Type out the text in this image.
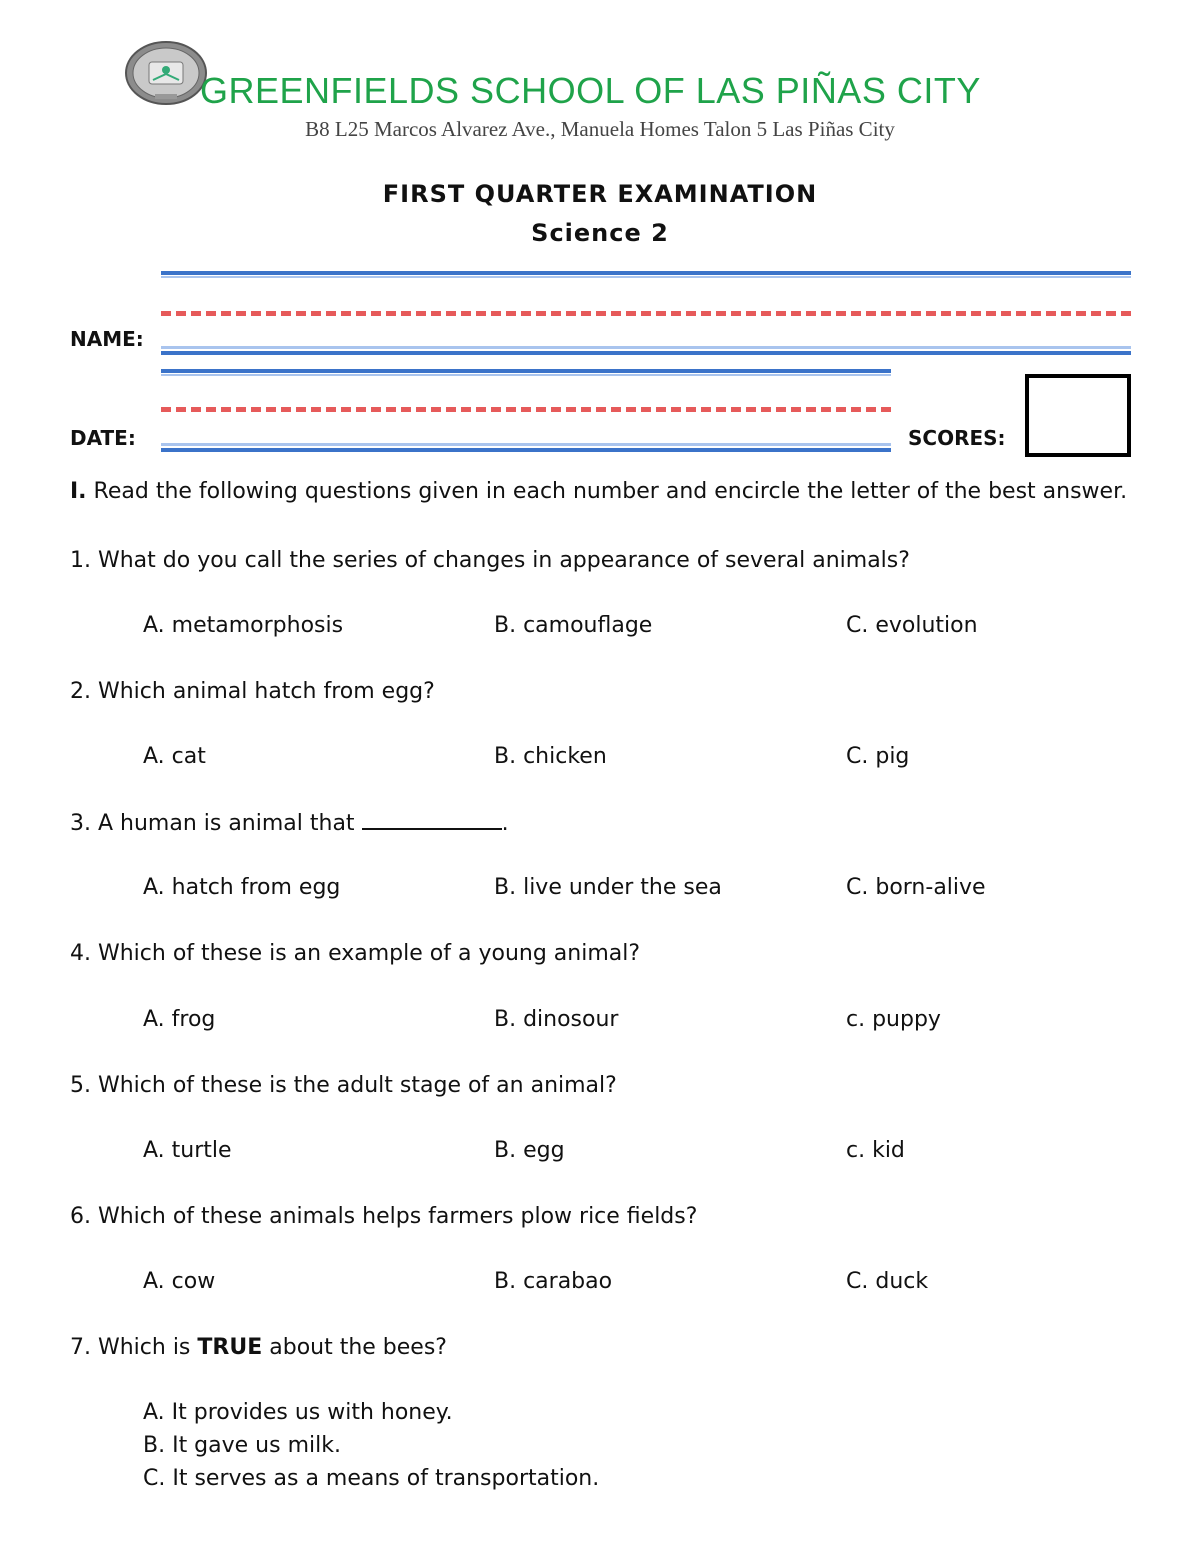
GREENFIELDS SCHOOL OF LAS PIÑAS CITY
B8 L25 Marcos Alvarez Ave., Manuela Homes Talon 5 Las Piñas City
FIRST QUARTER EXAMINATION
Science 2
NAME:
DATE:	SCORES:
I. Read the following questions given in each number and encircle the letter of the best answer.
1. What do you call the series of changes in appearance of several animals?
A. metamorphosis	B. camouflage	C. evolution
2. Which animal hatch from egg?
A. cat	B. chicken	C. pig
3. A human is animal that	.
A. hatch from egg	B. live under the sea	C. born-alive
4. Which of these is an example of a young animal?
A. frog	B. dinosour	c. puppy
5. Which of these is the adult stage of an animal?
A. turtle	B. egg	c. kid
6. Which of these animals helps farmers plow rice fields?
A. cow	B. carabao	C. duck
7. Which is TRUE about the bees?
A. It provides us with honey.
B. It gave us milk.
C. It serves as a means of transportation.
